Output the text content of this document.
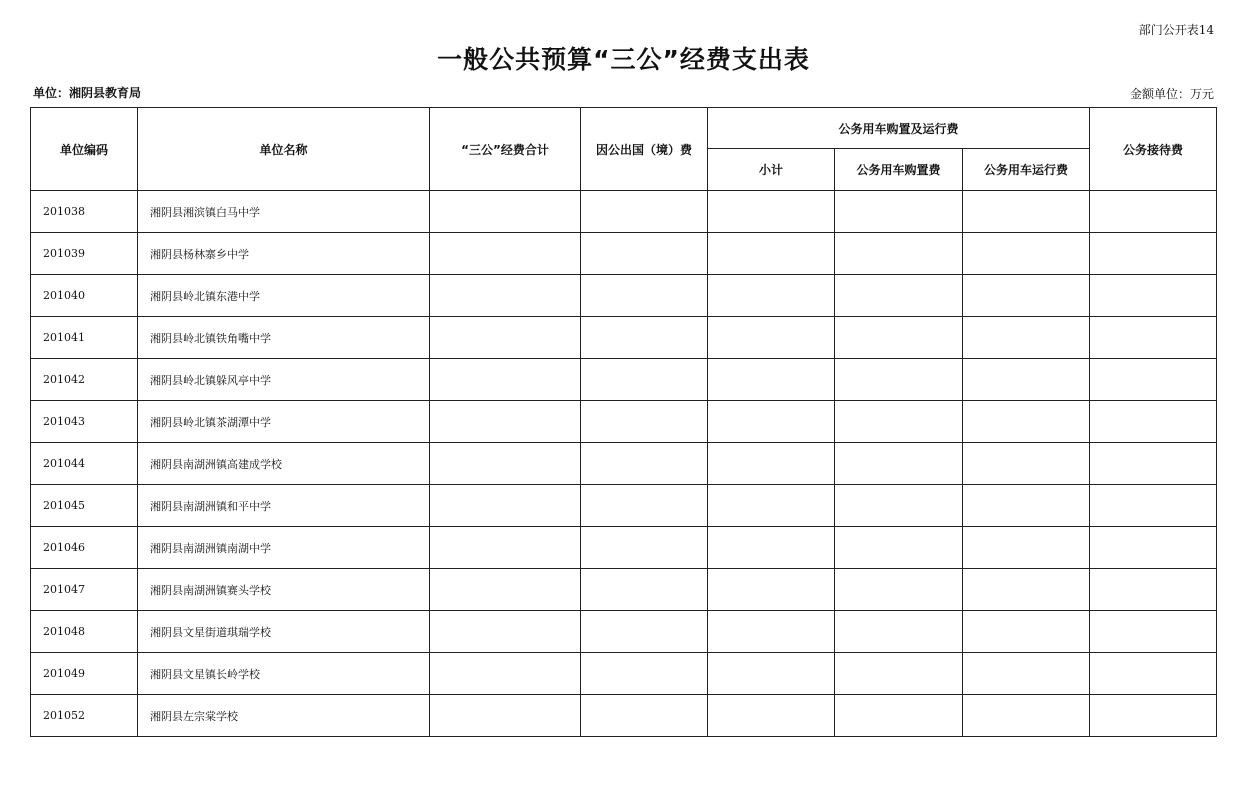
部门公开表14
一般公共预算“三公”经费支出表
单位：湘阴县教育局	金额单位：万元
单位编码	单位名称	“三公”经费合计	因公出国（境）费	公务用车购置及运行费			公务接待费
				小计	公务用车购置费	公务用车运行费	
201038	湘阴县湘滨镇白马中学						
201039	湘阴县杨林寨乡中学						
201040	湘阴县岭北镇东港中学						
201041	湘阴县岭北镇铁角嘴中学						
201042	湘阴县岭北镇躲风亭中学						
201043	湘阴县岭北镇茶湖潭中学						
201044	湘阴县南湖洲镇高建成学校						
201045	湘阴县南湖洲镇和平中学						
201046	湘阴县南湖洲镇南湖中学						
201047	湘阴县南湖洲镇赛头学校						
201048	湘阴县文星街道琪瑞学校						
201049	湘阴县文星镇长岭学校						
201052	湘阴县左宗棠学校						
